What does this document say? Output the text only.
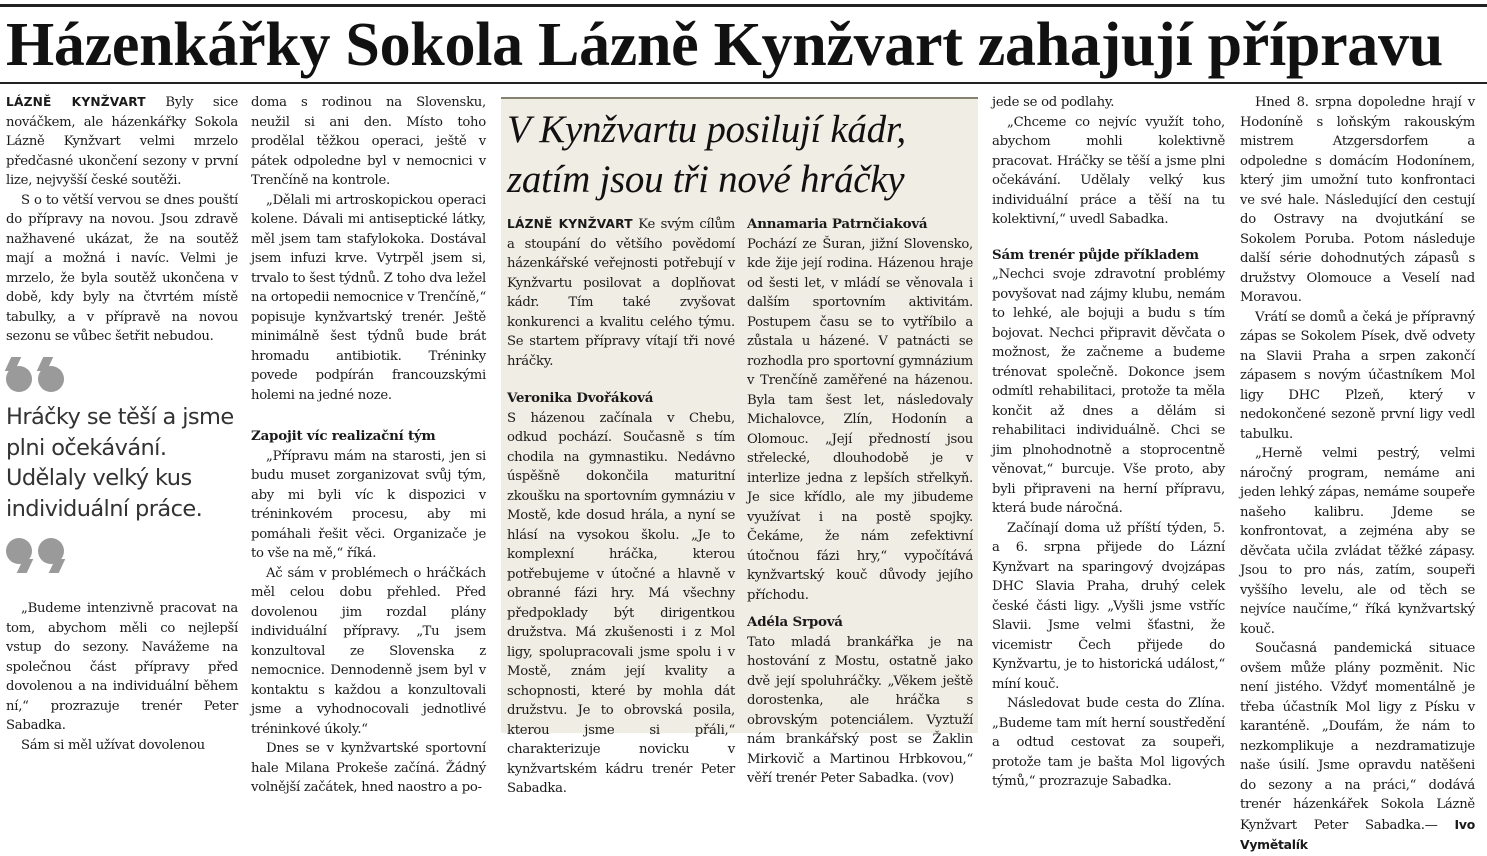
Házenkářky Sokola Lázně Kynžvart zahajují přípravu

LÁZNĚ KYNŽVART Byly sice nováčkem, ale házenkářky Sokola Lázně Kynžvart velmi mrzelo předčasné ukončení sezony v první lize, nejvyšší české soutěži.

S o to větší vervou se dnes pouští do přípravy na novou. Jsou zdravě nažhavené ukázat, že na soutěž mají a možná i navíc. Velmi je mrzelo, že byla soutěž ukončena v době, kdy byly na čtvrtém místě tabulky, a v přípravě na novou sezonu se vůbec šetřit nebudou.

Hráčky se těší a jsme plni očekávání. Udělaly velký kus individuální práce.

„Budeme intenzivně pracovat na tom, abychom měli co nejlepší vstup do sezony. Navážeme na společnou část přípravy před dovolenou a na individuální během ní,“ prozrazuje trenér Peter Sabadka.

Sám si měl užívat dovolenou

doma s rodinou na Slovensku, neužil si ani den. Místo toho prodělal těžkou operaci, ještě v pátek odpoledne byl v nemocnici v Trenčíně na kontrole.

„Dělali mi artroskopickou operaci kolene. Dávali mi antiseptické látky, měl jsem tam stafylokoka. Dostával jsem infuzi krve. Vytrpěl jsem si, trvalo to šest týdnů. Z toho dva ležel na ortopedii nemocnice v Trenčíně,“ popisuje kynžvartský trenér. Ještě minimálně šest týdnů bude brát hromadu antibiotik. Tréninky povede podpírán francouzskými holemi na jedné noze.

Zapojit víc realizační tým

„Přípravu mám na starosti, jen si budu muset zorganizovat svůj tým, aby mi byli víc k dispozici v tréninkovém procesu, aby mi pomáhali řešit věci. Organizače je to vše na mě,“ říká.

Ač sám v problémech o hráčkách měl celou dobu přehled. Před dovolenou jim rozdal plány individuální přípravy. „Tu jsem konzultoval ze Slovenska z nemocnice. Dennodenně jsem byl v kontaktu s každou a konzultovali jsme a vyhodnocovali jednotlivé tréninkové úkoly.“

Dnes se v kynžvartské sportovní hale Milana Prokeše začíná. Žádný volnější začátek, hned naostro a po-

V Kynžvartu posilují kádr, zatím jsou tři nové hráčky

LÁZNĚ KYNŽVART Ke svým cílům a stoupání do většího povědomí házenkářské veřejnosti potřebují v Kynžvartu posilovat a doplňovat kádr. Tím také zvyšovat konkurenci a kvalitu celého týmu. Se startem přípravy vítají tři nové hráčky.

Veronika Dvořáková

S házenou začínala v Chebu, odkud pochází. Současně s tím chodila na gymnastiku. Nedávno úspěšně dokončila maturitní zkoušku na sportovním gymnáziu v Mostě, kde dosud hrála, a nyní se hlásí na vysokou školu. „Je to komplexní hráčka, kterou potřebujeme v útočné a hlavně v obranné fázi hry. Má všechny předpoklady být dirigentkou družstva. Má zkušenosti i z Mol ligy, spolupracovali jsme spolu i v Mostě, znám její kvality a schopnosti, které by mohla dát družstvu. Je to obrovská posila, kterou jsme si přáli,“ charakterizuje novicku v kynžvartském kádru trenér Peter Sabadka.

Annamaria Patrnčiaková

Pochází ze Šuran, jižní Slovensko, kde žije její rodina. Házenou hraje od šesti let, v mládí se věnovala i dalším sportovním aktivitám. Postupem času se to vytříbilo a zůstala u házené. V patnácti se rozhodla pro sportovní gymnázium v Trenčíně zaměřené na házenou. Byla tam šest let, následovaly Michalovce, Zlín, Hodonín a Olomouc. „Její předností jsou střelecké, dlouhodobě je v interlize jedna z lepších střelkyň. Je sice křídlo, ale my jibudeme využívat i na postě spojky. Čekáme, že nám zefektivní útočnou fázi hry,“ vypočítává kynžvartský kouč důvody jejího příchodu.

Adéla Srpová

Tato mladá brankářka je na hostování z Mostu, ostatně jako dvě její spoluhráčky. „Věkem ještě dorostenka, ale hráčka s obrovským potenciálem. Vyztuží nám brankářský post se Žaklin Mirkovič a Martinou Hrbkovou,“ věří trenér Peter Sabadka. (vov)

jede se od podlahy.

„Chceme co nejvíc využít toho, abychom mohli kolektivně pracovat. Hráčky se těší a jsme plni očekávání. Udělaly velký kus individuální práce a těší na tu kolektivní,“ uvedl Sabadka.

Sám trenér půjde příkladem

„Nechci svoje zdravotní problémy povyšovat nad zájmy klubu, nemám to lehké, ale bojuji a budu s tím bojovat. Nechci připravit děvčata o možnost, že začneme a budeme trénovat společně. Dokonce jsem odmítl rehabilitaci, protože ta měla končit až dnes a dělám si rehabilitaci individuálně. Chci se jim plnohodnotně a stoprocentně věnovat,“ burcuje. Vše proto, aby byli připraveni na herní přípravu, která bude náročná.

Začínají doma už příští týden, 5. a 6. srpna přijede do Lázní Kynžvart na sparingový dvojzápas DHC Slavia Praha, druhý celek české části ligy. „Vyšli jsme vstříc Slavii. Jsme velmi šťastni, že vicemistr Čech přijede do Kynžvartu, je to historická událost,“ míní kouč.

Následovat bude cesta do Zlína. „Budeme tam mít herní soustředění a odtud cestovat za soupeři, protože tam je bašta Mol ligových týmů,“ prozrazuje Sabadka.

Hned 8. srpna dopoledne hrají v Hodoníně s loňským rakouským mistrem Atzgersdorfem a odpoledne s domácím Hodonínem, který jim umožní tuto konfrontaci ve své hale. Následující den cestují do Ostravy na dvojutkání se Sokolem Poruba. Potom následuje další série dohodnutých zápasů s družstvy Olomouce a Veselí nad Moravou.

Vrátí se domů a čeká je přípravný zápas se Sokolem Písek, dvě odvety na Slavii Praha a srpen zakončí zápasem s novým účastníkem Mol ligy DHC Plzeň, který v nedokončené sezoně první ligy vedl tabulku.

„Herně velmi pestrý, velmi náročný program, nemáme ani jeden lehký zápas, nemáme soupeře našeho kalibru. Jdeme se konfrontovat, a zejména aby se děvčata učila zvládat těžké zápasy. Jsou to pro nás, zatím, soupeři vyššího levelu, ale od těch se nejvíce naučíme,“ říká kynžvartský kouč.

Současná pandemická situace ovšem může plány pozměnit. Nic není jistého. Vždyť momentálně je třeba účastník Mol ligy z Písku v karanténě. „Doufám, že nám to nezkomplikuje a nezdramatizuje naše úsilí. Jsme opravdu natěšeni do sezony a na práci,“ dodává trenér házenkářek Sokola Lázně Kynžvart Peter Sabadka.— Ivo Vymětalík
